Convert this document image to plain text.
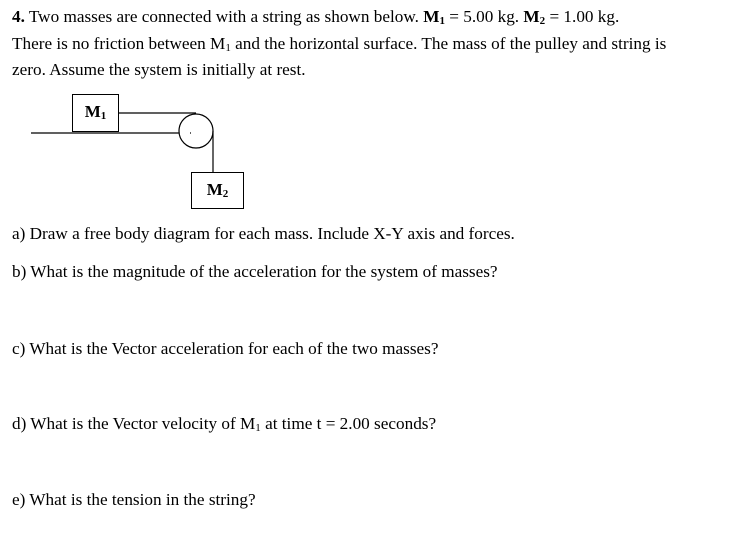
4. Two masses are connected with a string as shown below. M1 = 5.00 kg. M2 = 1.00 kg.
There is no friction between M1 and the horizontal surface. The mass of the pulley and string is
zero. Assume the system is initially at rest.
M1
M2
a) Draw a free body diagram for each mass. Include X-Y axis and forces.
b) What is the magnitude of the acceleration for the system of masses?
c) What is the Vector acceleration for each of the two masses?
d) What is the Vector velocity of M1 at time t = 2.00 seconds?
e) What is the tension in the string?
